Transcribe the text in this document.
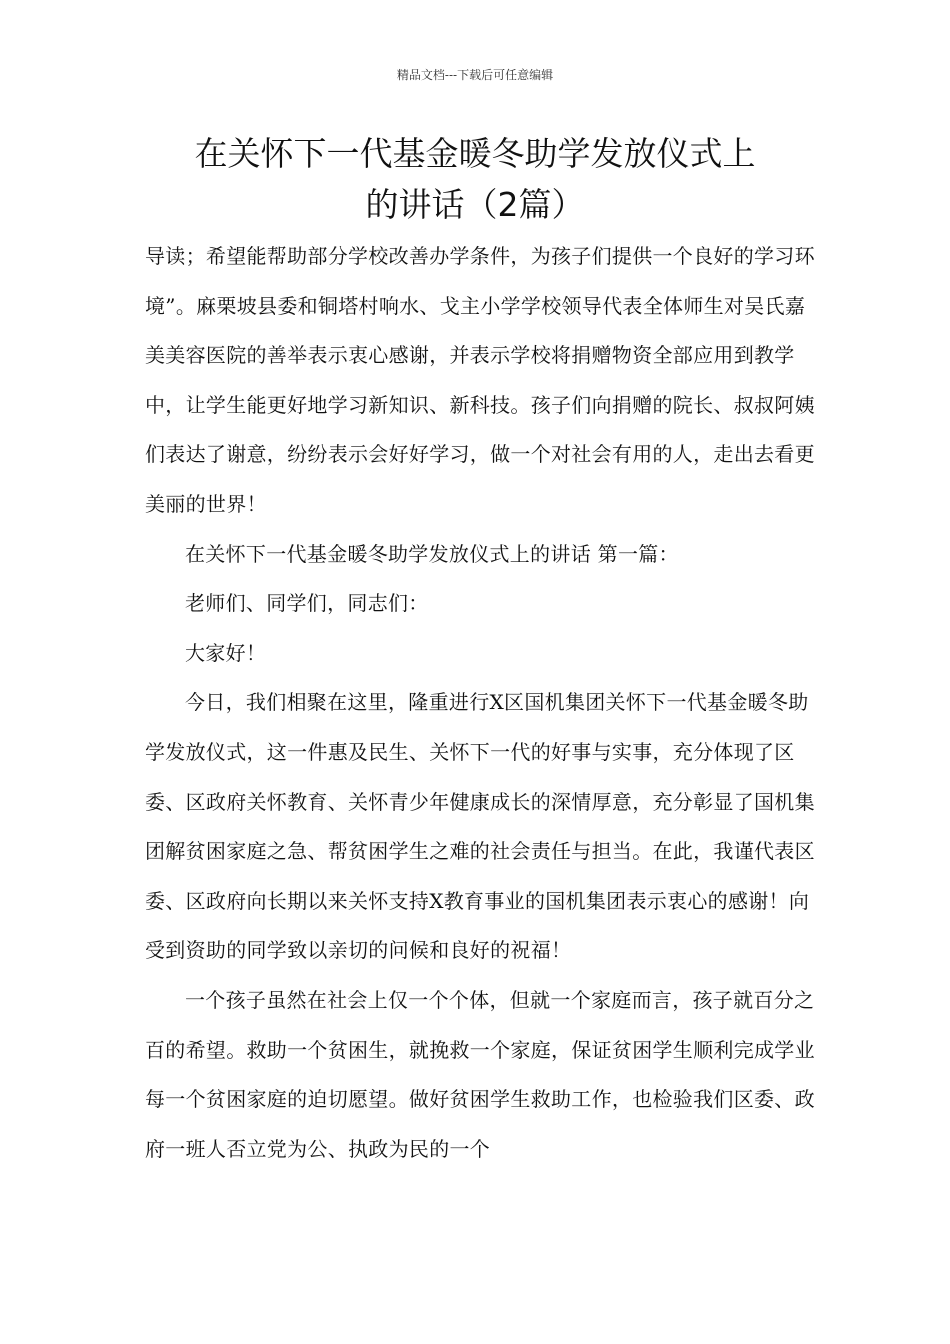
精品文档---下载后可任意编辑
在关怀下一代基金暖冬助学发放仪式上
的讲话（2篇）

导读；希望能帮助部分学校改善办学条件，为孩子们提供一个良好的学习环境”。麻栗坡县委和铜塔村响水、戈主小学学校领导代表全体师生对吴氏嘉美美容医院的善举表示衷心感谢，并表示学校将捐赠物资全部应用到教学中，让学生能更好地学习新知识、新科技。孩子们向捐赠的院长、叔叔阿姨们表达了谢意，纷纷表示会好好学习，做一个对社会有用的人，走出去看更美丽的世界！

在关怀下一代基金暖冬助学发放仪式上的讲话 第一篇：

老师们、同学们，同志们：

大家好！

今日，我们相聚在这里，隆重进行X区国机集团关怀下一代基金暖冬助学发放仪式，这一件惠及民生、关怀下一代的好事与实事，充分体现了区委、区政府关怀教育、关怀青少年健康成长的深情厚意，充分彰显了国机集团解贫困家庭之急、帮贫困学生之难的社会责任与担当。在此，我谨代表区委、区政府向长期以来关怀支持X教育事业的国机集团表示衷心的感谢！向受到资助的同学致以亲切的问候和良好的祝福！

一个孩子虽然在社会上仅一个个体，但就一个家庭而言，孩子就百分之百的希望。救助一个贫困生，就挽救一个家庭，保证贫困学生顺利完成学业每一个贫困家庭的迫切愿望。做好贫困学生救助工作，也检验我们区委、政府一班人否立党为公、执政为民的一个
